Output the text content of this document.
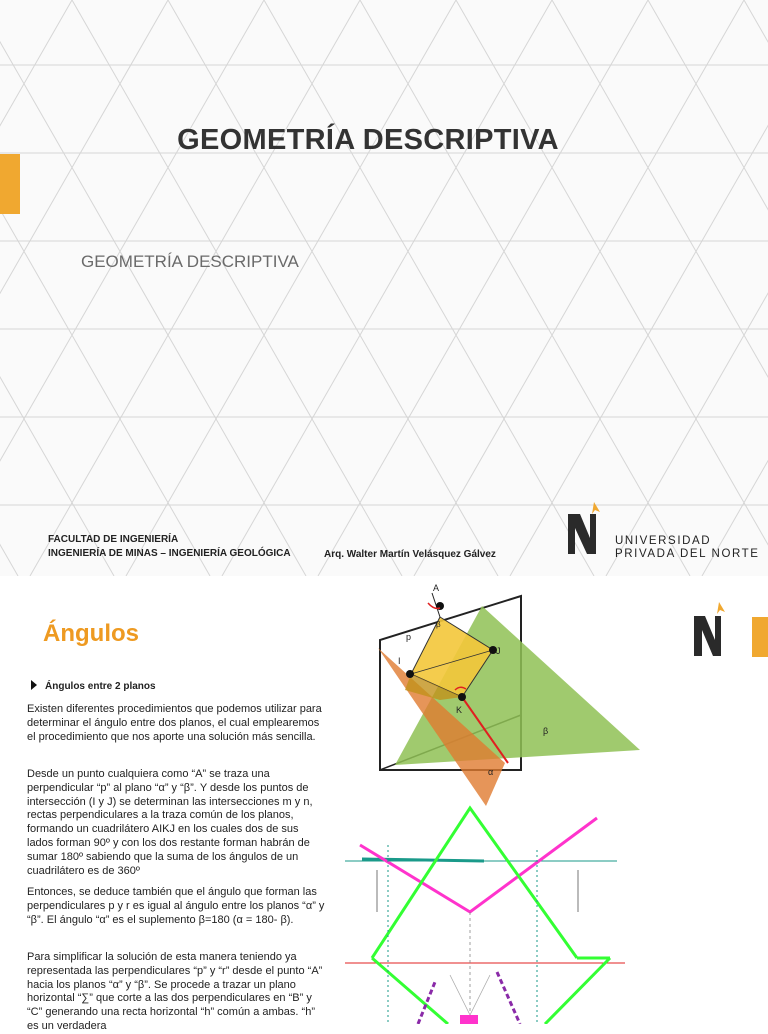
GEOMETRÍA DESCRIPTIVA
GEOMETRÍA DESCRIPTIVA
FACULTAD DE INGENIERÍA
INGENIERÍA DE MINAS – INGENIERÍA GEOLÓGICA	Arq. Walter Martín Velásquez Gálvez
UNIVERSIDAD
PRIVADA DEL NORTE
Ángulos
Ángulos entre 2 planos

Existen diferentes procedimientos que podemos utilizar para determinar el ángulo entre dos planos, el cual emplearemos el procedimiento que nos aporte una solución más sencilla.

Desde un punto cualquiera como “A” se traza una perpendicular “p” al plano “α” y “β”. Y desde los puntos de intersección (I y J) se determinan las intersecciones m y n, rectas perpendiculares a la traza común de los planos, formando un cuadrilátero AIKJ en los cuales dos de sus lados forman 90º y con los dos restante forman habrán de sumar 180º sabiendo que la suma de los ángulos de un cuadrilátero es de 360º

Entonces, se deduce también que el ángulo que forman las perpendiculares p y r es igual al ángulo entre los planos “α” y “β”. El ángulo “α” es el suplemento β=180 (α = 180- β).

Para simplificar la solución de esta manera teniendo ya representada las perpendiculares “p” y “r” desde el punto “A” hacia los planos “α” y “β”. Se procede a trazar un plano horizontal “∑” que corte a las dos perpendiculares en “B” y “C” generando una recta horizontal “h” común a ambas. “h” es un verdadera

A
β
p
I
J
K
β
α
